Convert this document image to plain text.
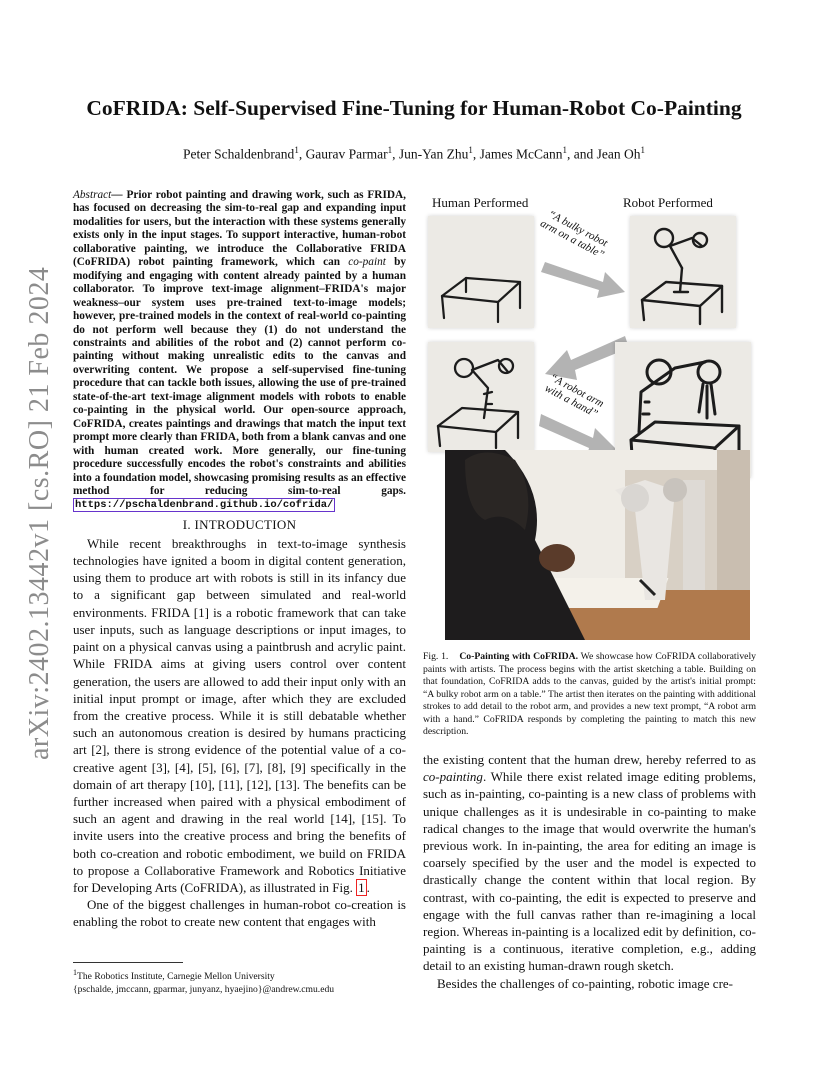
arXiv:2402.13442v1 [cs.RO] 21 Feb 2024
CoFRIDA: Self-Supervised Fine-Tuning for Human-Robot Co-Painting
Peter Schaldenbrand$^1$, Gaurav Parmar$^1$, Jun-Yan Zhu$^1$, James McCann$^1$, and Jean Oh$^1$

Abstract— Prior robot painting and drawing work, such as FRIDA, has focused on decreasing the sim-to-real gap and expanding input modalities for users, but the interaction with these systems generally exists only in the input stages. To support interactive, human-robot collaborative painting, we introduce the Collaborative FRIDA (CoFRIDA) robot painting framework, which can co-paint by modifying and engaging with content already painted by a human collaborator. To improve text-image alignment–FRIDA's major weakness–our system uses pre-trained text-to-image models; however, pre-trained models in the context of real-world co-painting do not perform well because they (1) do not understand the constraints and abilities of the robot and (2) cannot perform co-painting without making unrealistic edits to the canvas and overwriting content. We propose a self-supervised fine-tuning procedure that can tackle both issues, allowing the use of pre-trained state-of-the-art text-image alignment models with robots to enable co-painting in the physical world. Our open-source approach, CoFRIDA, creates paintings and drawings that match the input text prompt more clearly than FRIDA, both from a blank canvas and one with human created work. More generally, our fine-tuning procedure successfully encodes the robot's constraints and abilities into a foundation model, showcasing promising results as an effective method for reducing sim-to-real gaps. https://pschaldenbrand.github.io/cofrida/

I. INTRODUCTION

While recent breakthroughs in text-to-image synthesis technologies have ignited a boom in digital content generation, using them to produce art with robots is still in its infancy due to a significant gap between simulated and real-world environments. FRIDA [1] is a robotic framework that can take user inputs, such as language descriptions or input images, to paint on a physical canvas using a paintbrush and acrylic paint. While FRIDA aims at giving users control over content generation, the users are allowed to add their input only with an initial input prompt or image, after which they are excluded from the creative process. While it is still debatable whether such an autonomous creation is desired by humans practicing art [2], there is strong evidence of the potential value of a co-creative agent [3], [4], [5], [6], [7], [8], [9] specifically in the domain of art therapy [10], [11], [12], [13]. The benefits can be further increased when paired with a physical embodiment of such an agent and drawing in the real world [14], [15]. To invite users into the creative process and bring the benefits of both co-creation and robotic embodiment, we build on FRIDA to propose a Collaborative Framework and Robotics Initiative for Developing Arts (CoFRIDA), as illustrated in Fig. 1 .

One of the biggest challenges in human-robot co-creation is enabling the robot to create new content that engages with

$^1$The Robotics Institute, Carnegie Mellon University
{pschalde, jmccann, gparmar, junyanz, hyaejino}@andrew.cmu.edu
Human Performed	Robot Performed
“A bulky robot arm on a table”
“A robot arm with a hand”
Fig. 1. Co-Painting with CoFRIDA. We showcase how CoFRIDA collaboratively paints with artists. The process begins with the artist sketching a table. Building on that foundation, CoFRIDA adds to the canvas, guided by the artist's initial prompt: “A bulky robot arm on a table.” The artist then iterates on the painting with additional strokes to add detail to the robot arm, and provides a new text prompt, “A robot arm with a hand.” CoFRIDA responds by completing the painting to match this new description.

the existing content that the human drew, hereby referred to as co-painting. While there exist related image editing problems, such as in-painting, co-painting is a new class of problems with unique challenges as it is undesirable in co-painting to make radical changes to the image that would overwrite the human's previous work. In in-painting, the area for editing an image is coarsely specified by the user and the model is expected to drastically change the content within that local region. By contrast, with co-painting, the edit is expected to preserve and engage with the full canvas rather than re-imagining a local region. Whereas in-painting is a localized edit by definition, co-painting is a continuous, iterative completion, e.g., adding detail to an existing human-drawn rough sketch.

Besides the challenges of co-painting, robotic image cre-
